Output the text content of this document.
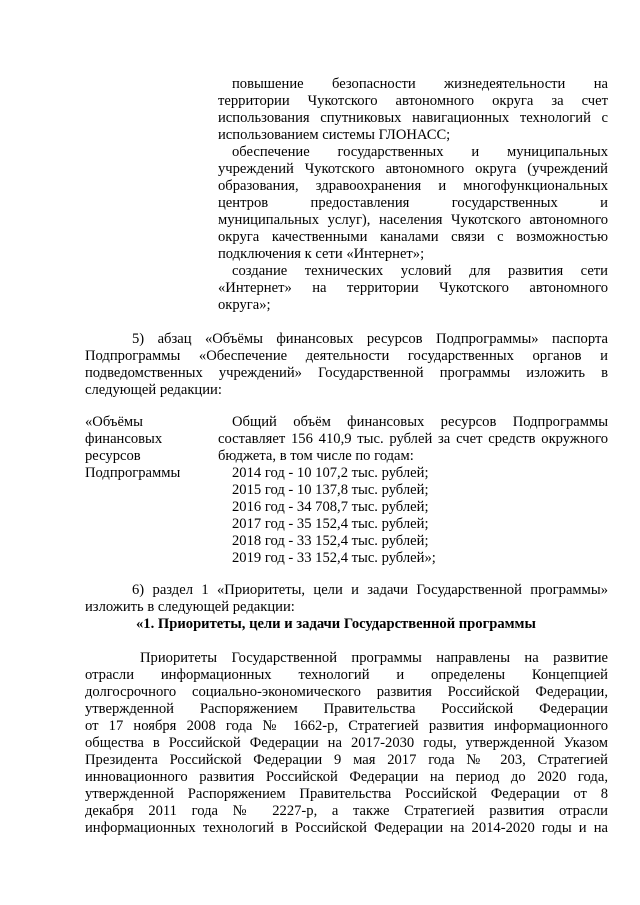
повышение безопасности жизнедеятельности на
территории Чукотского автономного округа за счет
использования спутниковых навигационных технологий с
использованием системы ГЛОНАСС;
обеспечение государственных и муниципальных
учреждений Чукотского автономного округа (учреждений
образования, здравоохранения и многофункциональных
центров предоставления государственных и
муниципальных услуг), населения Чукотского автономного
округа качественными каналами связи с возможностью
подключения к сети «Интернет»;
создание технических условий для развития сети
«Интернет» на территории Чукотского автономного
округа»;
5) абзац «Объёмы финансовых ресурсов Подпрограммы» паспорта
Подпрограммы «Обеспечение деятельности государственных органов и
подведомственных учреждений» Государственной программы изложить в
следующей редакции:
«Объёмы
финансовых
ресурсов
Подпрограммы
Общий объём финансовых ресурсов Подпрограммы
составляет 156 410,9 тыс. рублей за счет средств окружного
бюджета, в том числе по годам:
2014 год - 10 107,2 тыс. рублей;
2015 год - 10 137,8 тыс. рублей;
2016 год - 34 708,7 тыс. рублей;
2017 год - 35 152,4 тыс. рублей;
2018 год - 33 152,4 тыс. рублей;
2019 год - 33 152,4 тыс. рублей»;
6) раздел 1 «Приоритеты, цели и задачи Государственной программы»
изложить в следующей редакции:
«1. Приоритеты, цели и задачи Государственной программы
Приоритеты Государственной программы направлены на развитие
отрасли информационных технологий и определены Концепцией
долгосрочного социально-экономического развития Российской Федерации,
утвержденной Распоряжением Правительства Российской Федерации
от 17 ноября 2008 года № 1662-р, Стратегией развития информационного
общества в Российской Федерации на 2017-2030 годы, утвержденной Указом
Президента Российской Федерации 9 мая 2017 года № 203, Стратегией
инновационного развития Российской Федерации на период до 2020 года,
утвержденной Распоряжением Правительства Российской Федерации от 8
декабря 2011 года № 2227-р, а также Стратегией развития отрасли
информационных технологий в Российской Федерации на 2014-2020 годы и на
